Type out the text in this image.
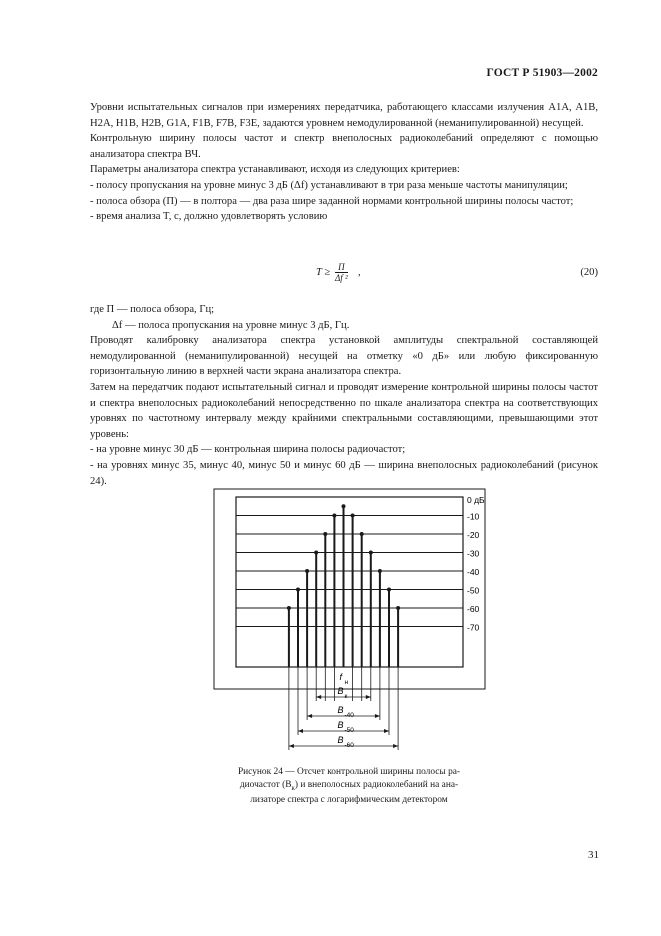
ГОСТ Р 51903—2002

Уровни испытательных сигналов при измерениях передатчика, работающего классами излучения A1A, A1B, H2A, H1B, H2B, G1A, F1B, F7B, F3E, задаются уровнем немодулированной (неманипулированной) несущей.

Контрольную ширину полосы частот и спектр внеполосных радиоколебаний определяют с помощью анализатора спектра ВЧ.

Параметры анализатора спектра устанавливают, исходя из следующих критериев:

- полосу пропускания на уровне минус 3 дБ (Δf) устанавливают в три раза меньше частоты манипуляции;

- полоса обзора (П) — в полтора — два раза шире заданной нормами контрольной ширины полосы частот;

- время анализа T, с, должно удовлетворять условию

T ≥ П
Δf ² ,	(20)

где П — полоса обзора, Гц;

Δf — полоса пропускания на уровне минус 3 дБ, Гц.

Проводят калибровку анализатора спектра установкой амплитуды спектральной составляющей немодулированной (неманипулированной) несущей на отметку «0 дБ» или любую фиксированную горизонтальную линию в верхней части экрана анализатора спектра.

Затем на передатчик подают испытательный сигнал и проводят измерение контрольной ширины полосы частот и спектра внеполосных радиоколебаний непосредственно по шкале анализатора спектра на соответствующих уровнях по частотному интервалу между крайними спектральными составляющими, превышающими этот уровень:

- на уровне минус 30 дБ — контрольная ширина полосы радиочастот;

- на уровнях минус 35, минус 40, минус 50 и минус 60 дБ — ширина внеполосных радиоколебаний (рисунок 24).

0 дБ
-10
-20
-30
-40
-50
-60
-70
f
н
B
к
B
-40
B
-50
B
-60
Рисунок 24 — Отсчет контрольной ширины полосы ра-
диочастот $(B_к)$ и внеполосных радиоколебаний на ана-
лизаторе спектра с логарифмическим детектором
31
